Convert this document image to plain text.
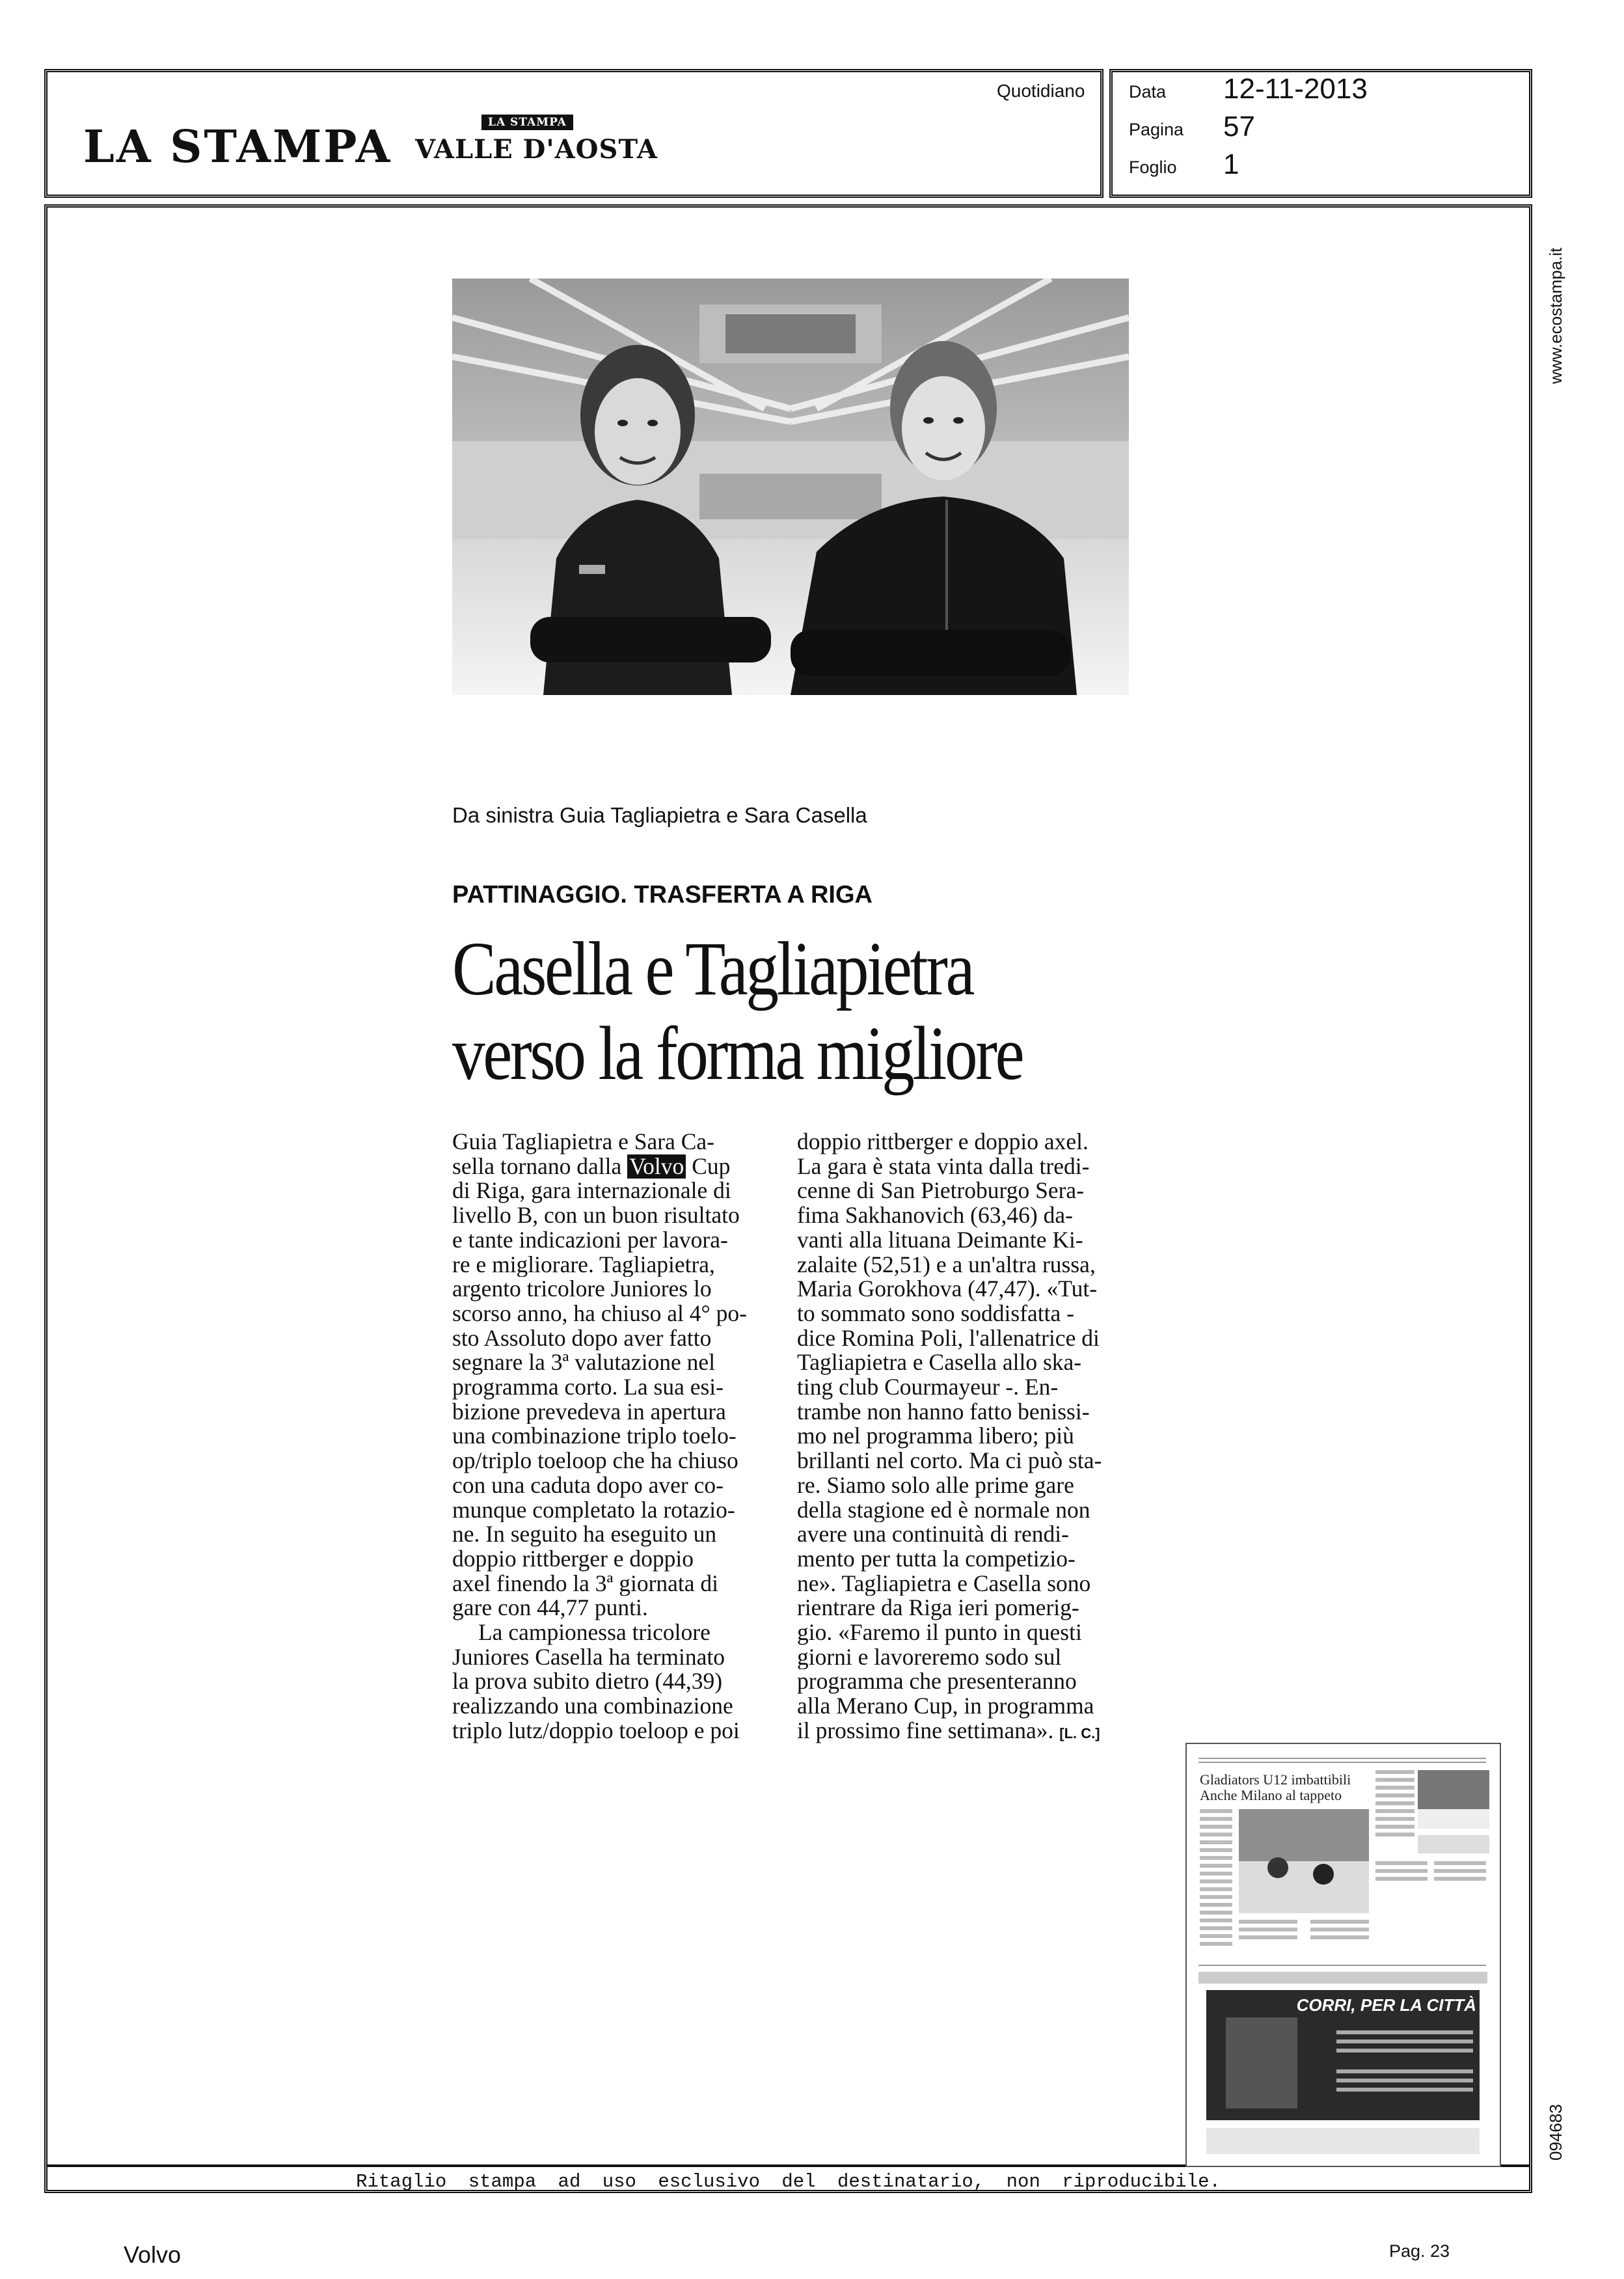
LA STAMPA	LA STAMPA
VALLE D'AOSTA
Quotidiano	Data 12-11-2013
Pagina 57
Foglio 1
Ritaglio stampa ad uso esclusivo del destinatario, non riproducibile.
www.ecostampa.it
094683
Da sinistra Guia Tagliapietra e Sara Casella
PATTINAGGIO. TRASFERTA A RIGA
Casella e Tagliapietra
verso la forma migliore
Guia Tagliapietra e Sara Ca-
sella tornano dalla Volvo Cup
di Riga, gara internazionale di
livello B, con un buon risultato
e tante indicazioni per lavora-
re e migliorare. Tagliapietra,
argento tricolore Juniores lo
scorso anno, ha chiuso al 4° po-
sto Assoluto dopo aver fatto
segnare la 3ª valutazione nel
programma corto. La sua esi-
bizione prevedeva in apertura
una combinazione triplo toelo-
op/triplo toeloop che ha chiuso
con una caduta dopo aver co-
munque completato la rotazio-
ne. In seguito ha eseguito un
doppio rittberger e doppio
axel finendo la 3ª giornata di
gare con 44,77 punti.
La campionessa tricolore
Juniores Casella ha terminato
la prova subito dietro (44,39)
realizzando una combinazione
triplo lutz/doppio toeloop e poi
doppio rittberger e doppio axel.
La gara è stata vinta dalla tredi-
cenne di San Pietroburgo Sera-
fima Sakhanovich (63,46) da-
vanti alla lituana Deimante Ki-
zalaite (52,51) e a un'altra russa,
Maria Gorokhova (47,47). «Tut-
to sommato sono soddisfatta -
dice Romina Poli, l'allenatrice di
Tagliapietra e Casella allo ska-
ting club Courmayeur -. En-
trambe non hanno fatto benissi-
mo nel programma libero; più
brillanti nel corto. Ma ci può sta-
re. Siamo solo alle prime gare
della stagione ed è normale non
avere una continuità di rendi-
mento per tutta la competizio-
ne». Tagliapietra e Casella sono
rientrare da Riga ieri pomerig-
gio. «Faremo il punto in questi
giorni e lavoreremo sodo sul
programma che presenteranno
alla Merano Cup, in programma
il prossimo fine settimana». [L. C.]
Gladiators U12 imbattibili
Anche Milano al tappeto
CORRI, PER LA CITTÀ
Volvo	Pag. 23
